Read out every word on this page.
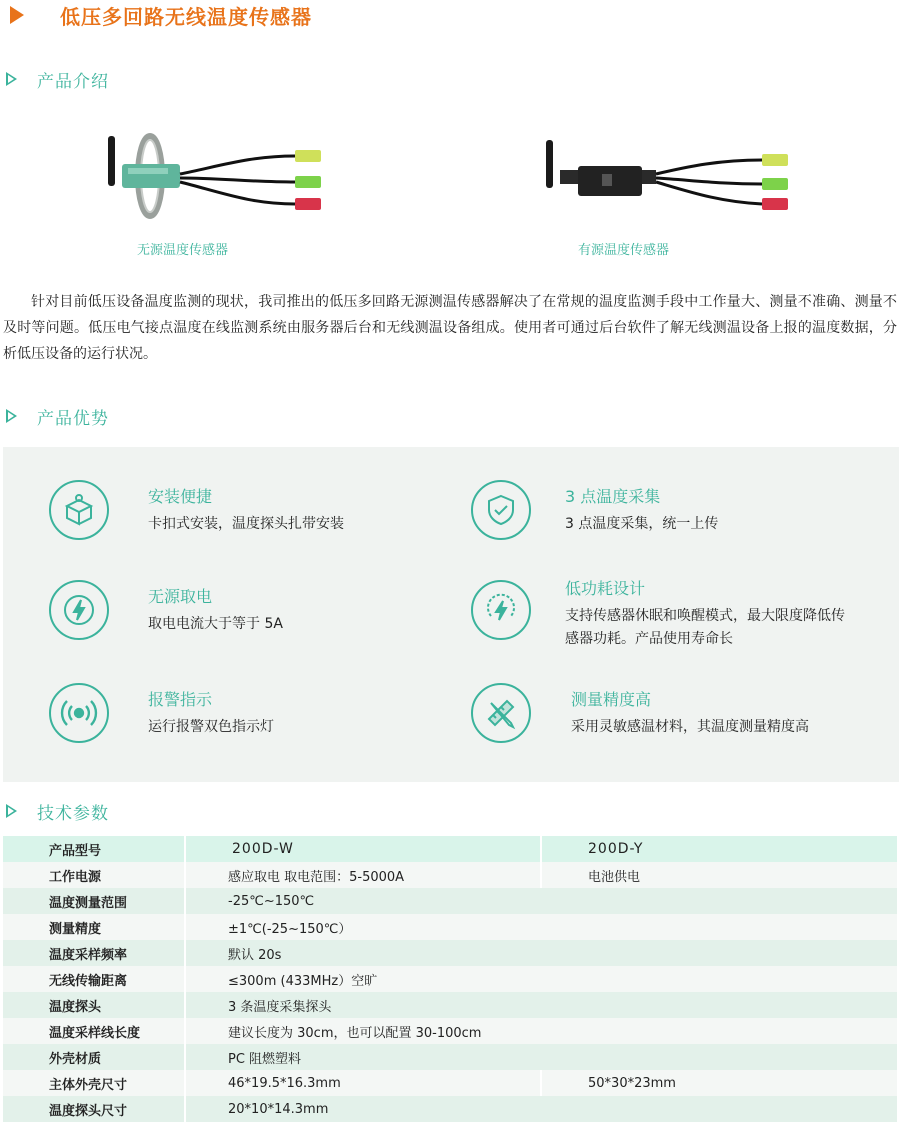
低压多回路无线温度传感器
产品介绍
无源温度传感器	有源温度传感器

针对目前低压设备温度监测的现状，我司推出的低压多回路无源测温传感器解决了在常规的温度监测手段中工作量大、测量不准确、测量不及时等问题。低压电气接点温度在线监测系统由服务器后台和无线测温设备组成。使用者可通过后台软件了解无线测温设备上报的温度数据，分析低压设备的运行状况。

产品优势
安装便捷
卡扣式安装，温度探头扎带安装
3 点温度采集
3 点温度采集，统一上传
无源取电
取电电流大于等于 5A
低功耗设计
支持传感器休眠和唤醒模式，最大限度降低传感器功耗。产品使用寿命长
报警指示
运行报警双色指示灯
测量精度高
采用灵敏感温材料，其温度测量精度高
技术参数
产品型号	200D-W	200D-Y
工作电源	感应取电 取电范围：5-5000A	电池供电
温度测量范围	-25℃~150℃	
测量精度	±1℃(-25~150℃）	
温度采样频率	默认 20s	
无线传输距离	≤300m (433MHz）空旷	
温度探头	3 条温度采集探头	
温度采样线长度	建议长度为 30cm，也可以配置 30-100cm	
外壳材质	PC 阻燃塑料	
主体外壳尺寸	46*19.5*16.3mm	50*30*23mm
温度探头尺寸	20*10*14.3mm	
